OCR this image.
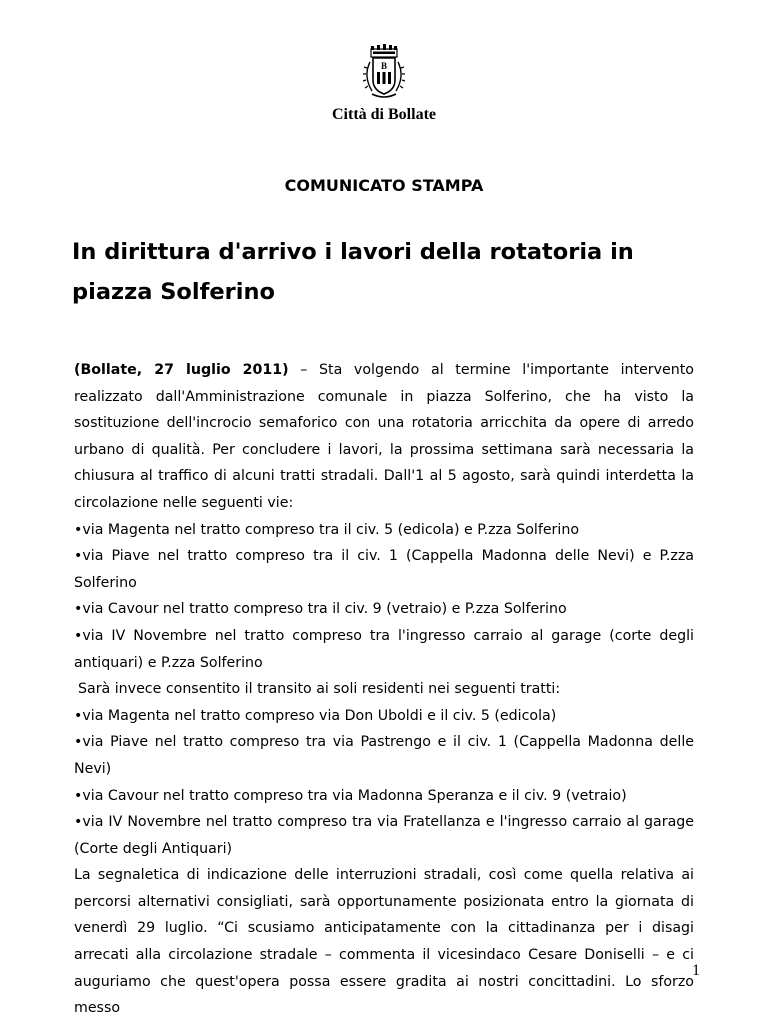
B
Città di Bollate
COMUNICATO STAMPA
In dirittura d'arrivo i lavori della rotatoria in piazza Solferino

(Bollate, 27 luglio 2011) – Sta volgendo al termine l'importante intervento realizzato dall'Amministrazione comunale in piazza Solferino, che ha visto la sostituzione dell'incrocio semaforico con una rotatoria arricchita da opere di arredo urbano di qualità. Per concludere i lavori, la prossima settimana sarà necessaria la chiusura al traffico di alcuni tratti stradali. Dall'1 al 5 agosto, sarà quindi interdetta la circolazione nelle seguenti vie:

•via Magenta nel tratto compreso tra il civ. 5 (edicola) e P.zza Solferino

•via Piave nel tratto compreso tra il civ. 1 (Cappella Madonna delle Nevi) e P.zza Solferino

•via Cavour nel tratto compreso tra il civ. 9 (vetraio) e P.zza Solferino

•via IV Novembre nel tratto compreso tra l'ingresso carraio al garage (corte degli antiquari) e P.zza Solferino

Sarà invece consentito il transito ai soli residenti nei seguenti tratti:

•via Magenta nel tratto compreso via Don Uboldi e il civ. 5 (edicola)

•via Piave nel tratto compreso tra via Pastrengo e il civ. 1 (Cappella Madonna delle Nevi)

•via Cavour nel tratto compreso tra via Madonna Speranza e il civ. 9 (vetraio)

•via IV Novembre nel tratto compreso tra via Fratellanza e l'ingresso carraio al garage (Corte degli Antiquari)

La segnaletica di indicazione delle interruzioni stradali, così come quella relativa ai percorsi alternativi consigliati, sarà opportunamente posizionata entro la giornata di venerdì 29 luglio. “Ci scusiamo anticipatamente con la cittadinanza per i disagi arrecati alla circolazione stradale – commenta il vicesindaco Cesare Doniselli – e ci auguriamo che quest'opera possa essere gradita ai nostri concittadini. Lo sforzo messo

1
